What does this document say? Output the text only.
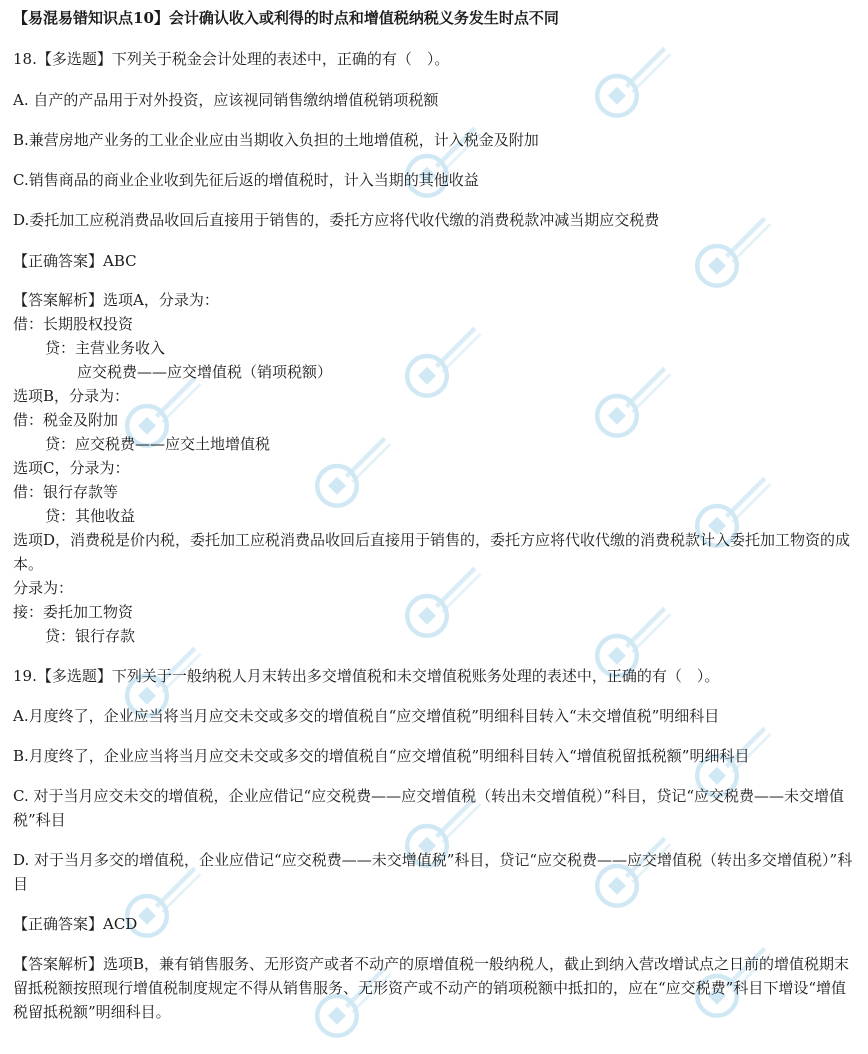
【易混易错知识点10】会计确认收入或利得的时点和增值税纳税义务发生时点不同
18.【多选题】下列关于税金会计处理的表述中，正确的有（　）。
A. 自产的产品用于对外投资，应该视同销售缴纳增值税销项税额
B.兼营房地产业务的工业企业应由当期收入负担的土地增值税，计入税金及附加
C.销售商品的商业企业收到先征后返的增值税时，计入当期的其他收益
D.委托加工应税消费品收回后直接用于销售的，委托方应将代收代缴的消费税款冲减当期应交税费
【正确答案】ABC
【答案解析】选项A，分录为：
借：长期股权投资
贷：主营业务收入
应交税费——应交增值税（销项税额）
选项B，分录为：
借：税金及附加
贷：应交税费——应交土地增值税
选项C，分录为：
借：银行存款等
贷：其他收益
选项D，消费税是价内税，委托加工应税消费品收回后直接用于销售的，委托方应将代收代缴的消费税款计入委托加工物资的成本。
分录为：
接：委托加工物资
贷：银行存款
19.【多选题】下列关于一般纳税人月末转出多交增值税和未交增值税账务处理的表述中，正确的有（　）。
A.月度终了，企业应当将当月应交未交或多交的增值税自“应交增值税”明细科目转入“未交增值税”明细科目
B.月度终了，企业应当将当月应交未交或多交的增值税自“应交增值税”明细科目转入“增值税留抵税额”明细科目
C. 对于当月应交未交的增值税，企业应借记“应交税费——应交增值税（转出未交增值税）”科目，贷记“应交税费——未交增值税”科目
D. 对于当月多交的增值税，企业应借记“应交税费——未交增值税”科目，贷记“应交税费——应交增值税（转出多交增值税）”科目
【正确答案】ACD
【答案解析】选项B，兼有销售服务、无形资产或者不动产的原增值税一般纳税人，截止到纳入营改增试点之日前的增值税期末留抵税额按照现行增值税制度规定不得从销售服务、无形资产或不动产的销项税额中抵扣的，应在“应交税费”科目下增设“增值税留抵税额”明细科目。
